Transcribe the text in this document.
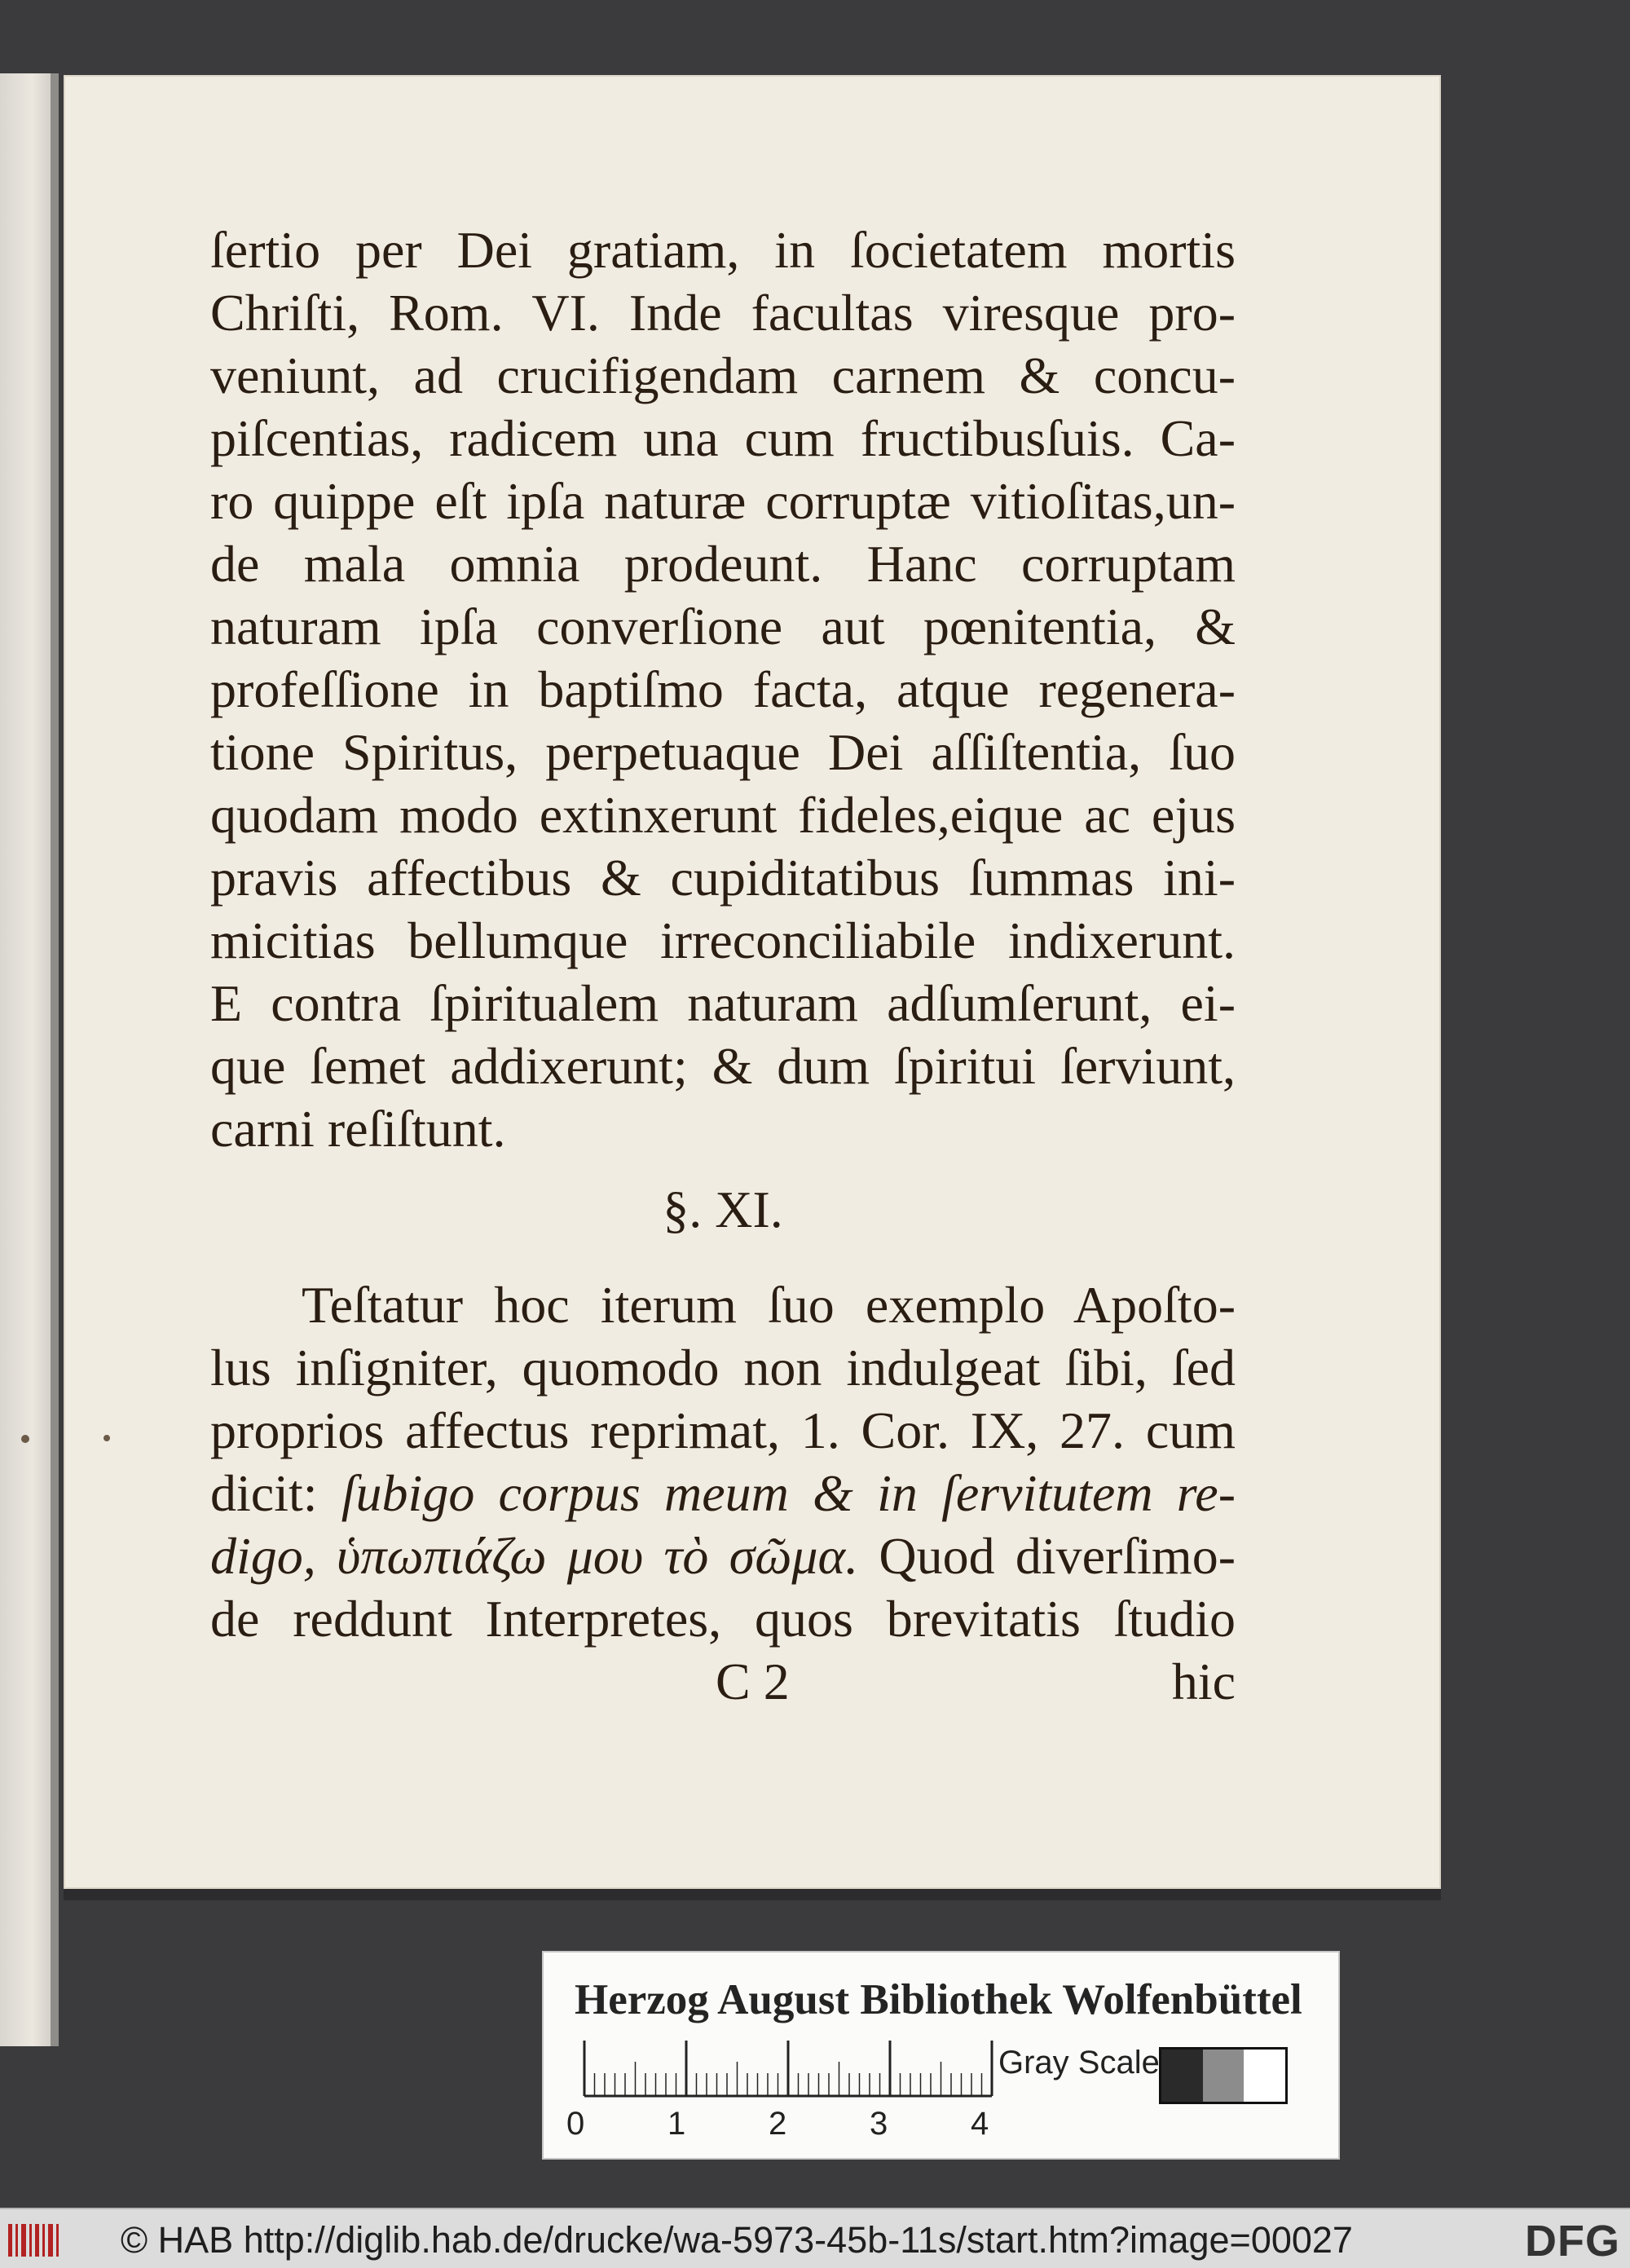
ſertio per Dei gratiam, in ſocietatem mortis
Chriſti, Rom. VI. Inde facultas viresque pro-
veniunt, ad crucifigendam carnem & concu-
piſcentias, radicem una cum fructibusſuis. Ca-
ro quippe eſt ipſa naturæ corruptæ vitioſitas,un-
de mala omnia prodeunt. Hanc corruptam
naturam ipſa converſione aut pœnitentia, &
profeſſione in baptiſmo facta, atque regenera-
tione Spiritus, perpetuaque Dei aſſiſtentia, ſuo
quodam modo extinxerunt fideles,eique ac ejus
pravis affectibus & cupiditatibus ſummas ini-
micitias bellumque irreconciliabile indixerunt.
E contra ſpiritualem naturam adſumſerunt, ei-
que ſemet addixerunt; & dum ſpiritui ſerviunt,
carni reſiſtunt.
§. XI.
Teſtatur hoc iterum ſuo exemplo Apoſto-
lus inſigniter, quomodo non indulgeat ſibi, ſed
proprios affectus reprimat, 1. Cor. IX, 27. cum
dicit: ſubigo corpus meum & in ſervitutem re-
digo, ὑπωπιάζω μου τὸ σῶμα. Quod diverſimo-
de reddunt Interpretes, quos brevitatis ſtudio
C 2	hic
Herzog August Bibliothek Wolfenbüttel
0	1	2	3	4
Gray Scale
© HAB http://diglib.hab.de/drucke/wa-5973-45b-11s/start.htm?image=00027	DFG
